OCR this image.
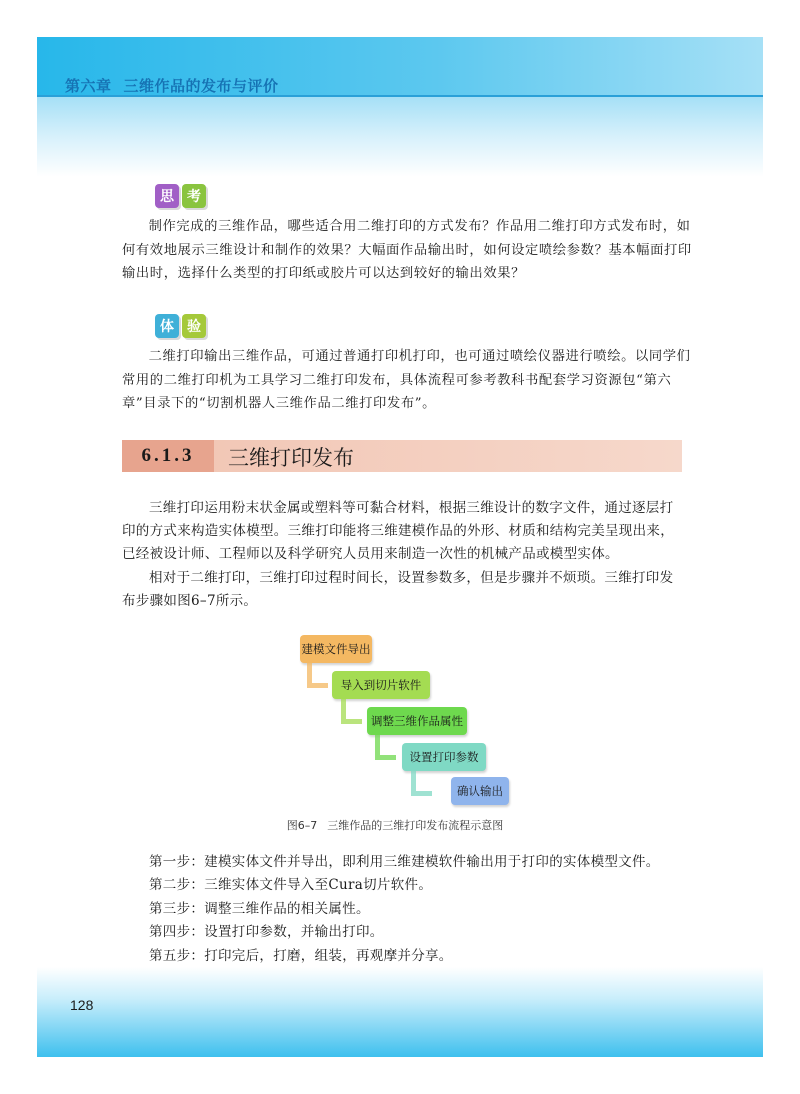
第六章 三维作品的发布与评价
思 考

制作完成的三维作品，哪些适合用二维打印的方式发布？作品用二维打印方式发布时，如何有效地展示三维设计和制作的效果？大幅面作品输出时，如何设定喷绘参数？基本幅面打印输出时，选择什么类型的打印纸或胶片可以达到较好的输出效果？

体 验

二维打印输出三维作品，可通过普通打印机打印，也可通过喷绘仪器进行喷绘。以同学们常用的二维打印机为工具学习二维打印发布，具体流程可参考教科书配套学习资源包“第六章”目录下的“切割机器人三维作品二维打印发布”。

6.1.3	三维打印发布

三维打印运用粉末状金属或塑料等可黏合材料，根据三维设计的数字文件，通过逐层打印的方式来构造实体模型。三维打印能将三维建模作品的外形、材质和结构完美呈现出来，已经被设计师、工程师以及科学研究人员用来制造一次性的机械产品或模型实体。

相对于二维打印，三维打印过程时间长，设置参数多，但是步骤并不烦琐。三维打印发布步骤如图6–7所示。

建模文件导出
导入到切片软件
调整三维作品属性
设置打印参数
确认输出
图6–7 三维作品的三维打印发布流程示意图
第一步：建模实体文件并导出，即利用三维建模软件输出用于打印的实体模型文件。
第二步：三维实体文件导入至Cura切片软件。
第三步：调整三维作品的相关属性。
第四步：设置打印参数，并输出打印。
第五步：打印完后，打磨，组装，再观摩并分享。
128
